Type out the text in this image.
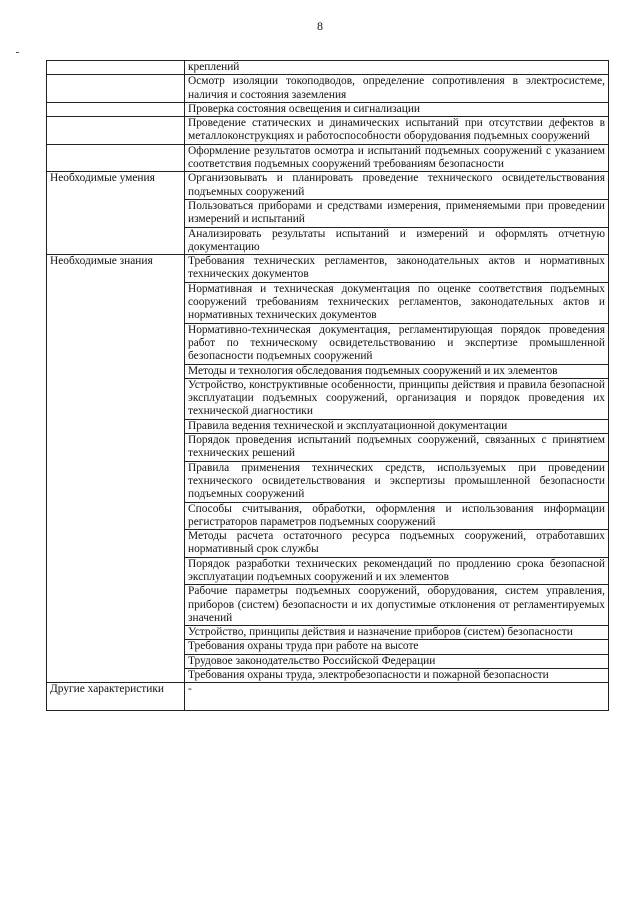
8
	креплений
	Осмотр изоляции токоподводов, определение сопротивления в электросистеме, наличия и состояния заземления
	Проверка состояния освещения и сигнализации
	Проведение статических и динамических испытаний при отсутствии дефектов в металлоконструкциях и работоспособности оборудования подъемных сооружений
	Оформление результатов осмотра и испытаний подъемных сооружений с указанием соответствия подъемных сооружений требованиям безопасности
Необходимые умения	Организовывать и планировать проведение технического освидетельствования подъемных сооружений
	Пользоваться приборами и средствами измерения, применяемыми при проведении измерений и испытаний
	Анализировать результаты испытаний и измерений и оформлять отчетную документацию
Необходимые знания	Требования технических регламентов, законодательных актов и нормативных технических документов
	Нормативная и техническая документация по оценке соответствия подъемных сооружений требованиям технических регламентов, законодательных актов и нормативных технических документов
	Нормативно-техническая документация, регламентирующая порядок проведения работ по техническому освидетельствованию и экспертизе промышленной безопасности подъемных сооружений
	Методы и технология обследования подъемных сооружений и их элементов
	Устройство, конструктивные особенности, принципы действия и правила безопасной эксплуатации подъемных сооружений, организация и порядок проведения их технической диагностики
	Правила ведения технической и эксплуатационной документации
	Порядок проведения испытаний подъемных сооружений, связанных с принятием технических решений
	Правила применения технических средств, используемых при проведении технического освидетельствования и экспертизы промышленной безопасности подъемных сооружений
	Способы считывания, обработки, оформления и использования информации регистраторов параметров подъемных сооружений
	Методы расчета остаточного ресурса подъемных сооружений, отработавших нормативный срок службы
	Порядок разработки технических рекомендаций по продлению срока безопасной эксплуатации подъемных сооружений и их элементов
	Рабочие параметры подъемных сооружений, оборудования, систем управления, приборов (систем) безопасности и их допустимые отклонения от регламентируемых значений
	Устройство, принципы действия и назначение приборов (систем) безопасности
	Требования охраны труда при работе на высоте
	Трудовое законодательство Российской Федерации
	Требования охраны труда, электробезопасности и пожарной безопасности
Другие характеристики	-
